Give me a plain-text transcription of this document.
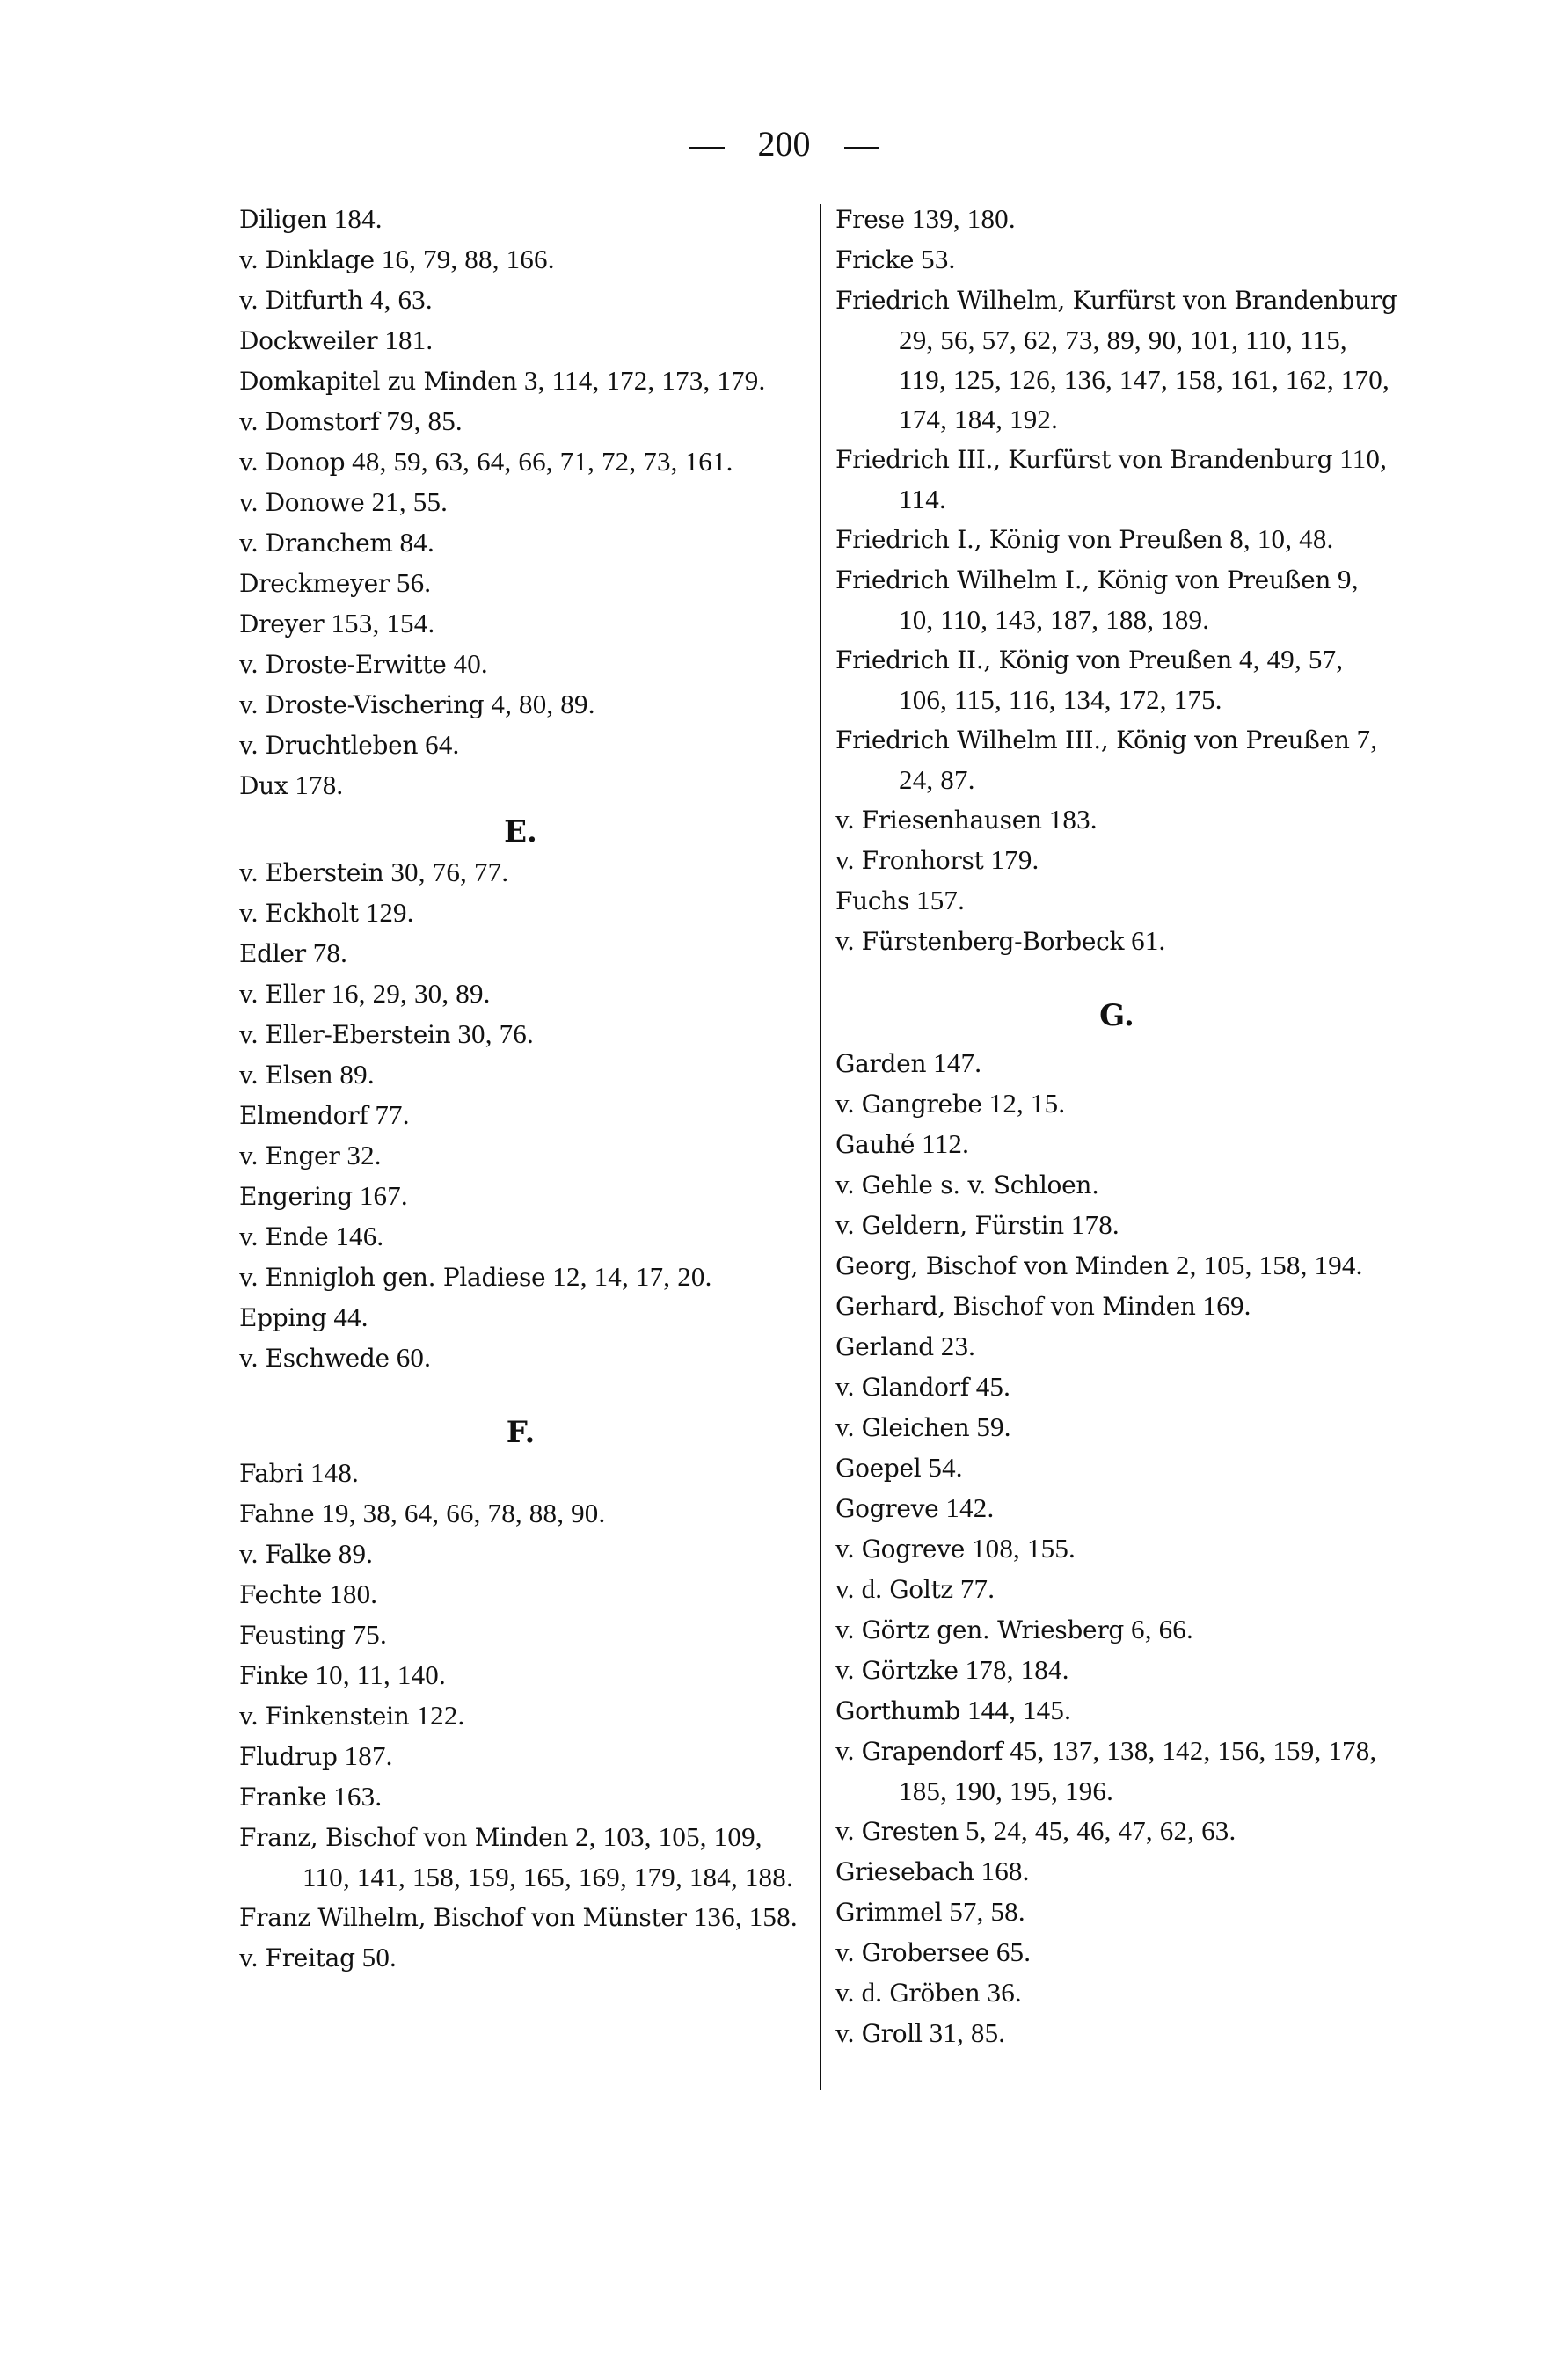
200
Diligen 184.
v. Dinklage 16, 79, 88, 166.
v. Ditfurth 4, 63.
Dockweiler 181.
Domkapitel zu Minden 3, 114, 172, 173, 179.
v. Domstorf 79, 85.
v. Donop 48, 59, 63, 64, 66, 71, 72, 73, 161.
v. Donowe 21, 55.
v. Dranchem 84.
Dreckmeyer 56.
Dreyer 153, 154.
v. Droste-Erwitte 40.
v. Droste-Vischering 4, 80, 89.
v. Druchtleben 64.
Dux 178.
E.
v. Eberstein 30, 76, 77.
v. Eckholt 129.
Edler 78.
v. Eller 16, 29, 30, 89.
v. Eller-Eberstein 30, 76.
v. Elsen 89.
Elmendorf 77.
v. Enger 32.
Engering 167.
v. Ende 146.
v. Ennigloh gen. Pladiese 12, 14, 17, 20.
Epping 44.
v. Eschwede 60.
F.
Fabri 148.
Fahne 19, 38, 64, 66, 78, 88, 90.
v. Falke 89.
Fechte 180.
Feusting 75.
Finke 10, 11, 140.
v. Finkenstein 122.
Fludrup 187.
Franke 163.
Franz, Bischof von Minden 2, 103, 105, 109, 110, 141, 158, 159, 165, 169, 179, 184, 188.
Franz Wilhelm, Bischof von Münster 136, 158.
v. Freitag 50.
Frese 139, 180.
Fricke 53.
Friedrich Wilhelm, Kurfürst von Brandenburg 29, 56, 57, 62, 73, 89, 90, 101, 110, 115, 119, 125, 126, 136, 147, 158, 161, 162, 170, 174, 184, 192.
Friedrich III., Kurfürst von Brandenburg 110, 114.
Friedrich I., König von Preußen 8, 10, 48.
Friedrich Wilhelm I., König von Preußen 9, 10, 110, 143, 187, 188, 189.
Friedrich II., König von Preußen 4, 49, 57, 106, 115, 116, 134, 172, 175.
Friedrich Wilhelm III., König von Preußen 7, 24, 87.
v. Friesenhausen 183.
v. Fronhorst 179.
Fuchs 157.
v. Fürstenberg-Borbeck 61.
G.
Garden 147.
v. Gangrebe 12, 15.
Gauhé 112.
v. Gehle s. v. Schloen.
v. Geldern, Fürstin 178.
Georg, Bischof von Minden 2, 105, 158, 194.
Gerhard, Bischof von Minden 169.
Gerland 23.
v. Glandorf 45.
v. Gleichen 59.
Goepel 54.
Gogreve 142.
v. Gogreve 108, 155.
v. d. Goltz 77.
v. Görtz gen. Wriesberg 6, 66.
v. Görtzke 178, 184.
Gorthumb 144, 145.
v. Grapendorf 45, 137, 138, 142, 156, 159, 178, 185, 190, 195, 196.
v. Gresten 5, 24, 45, 46, 47, 62, 63.
Griesebach 168.
Grimmel 57, 58.
v. Grobersee 65.
v. d. Gröben 36.
v. Groll 31, 85.
